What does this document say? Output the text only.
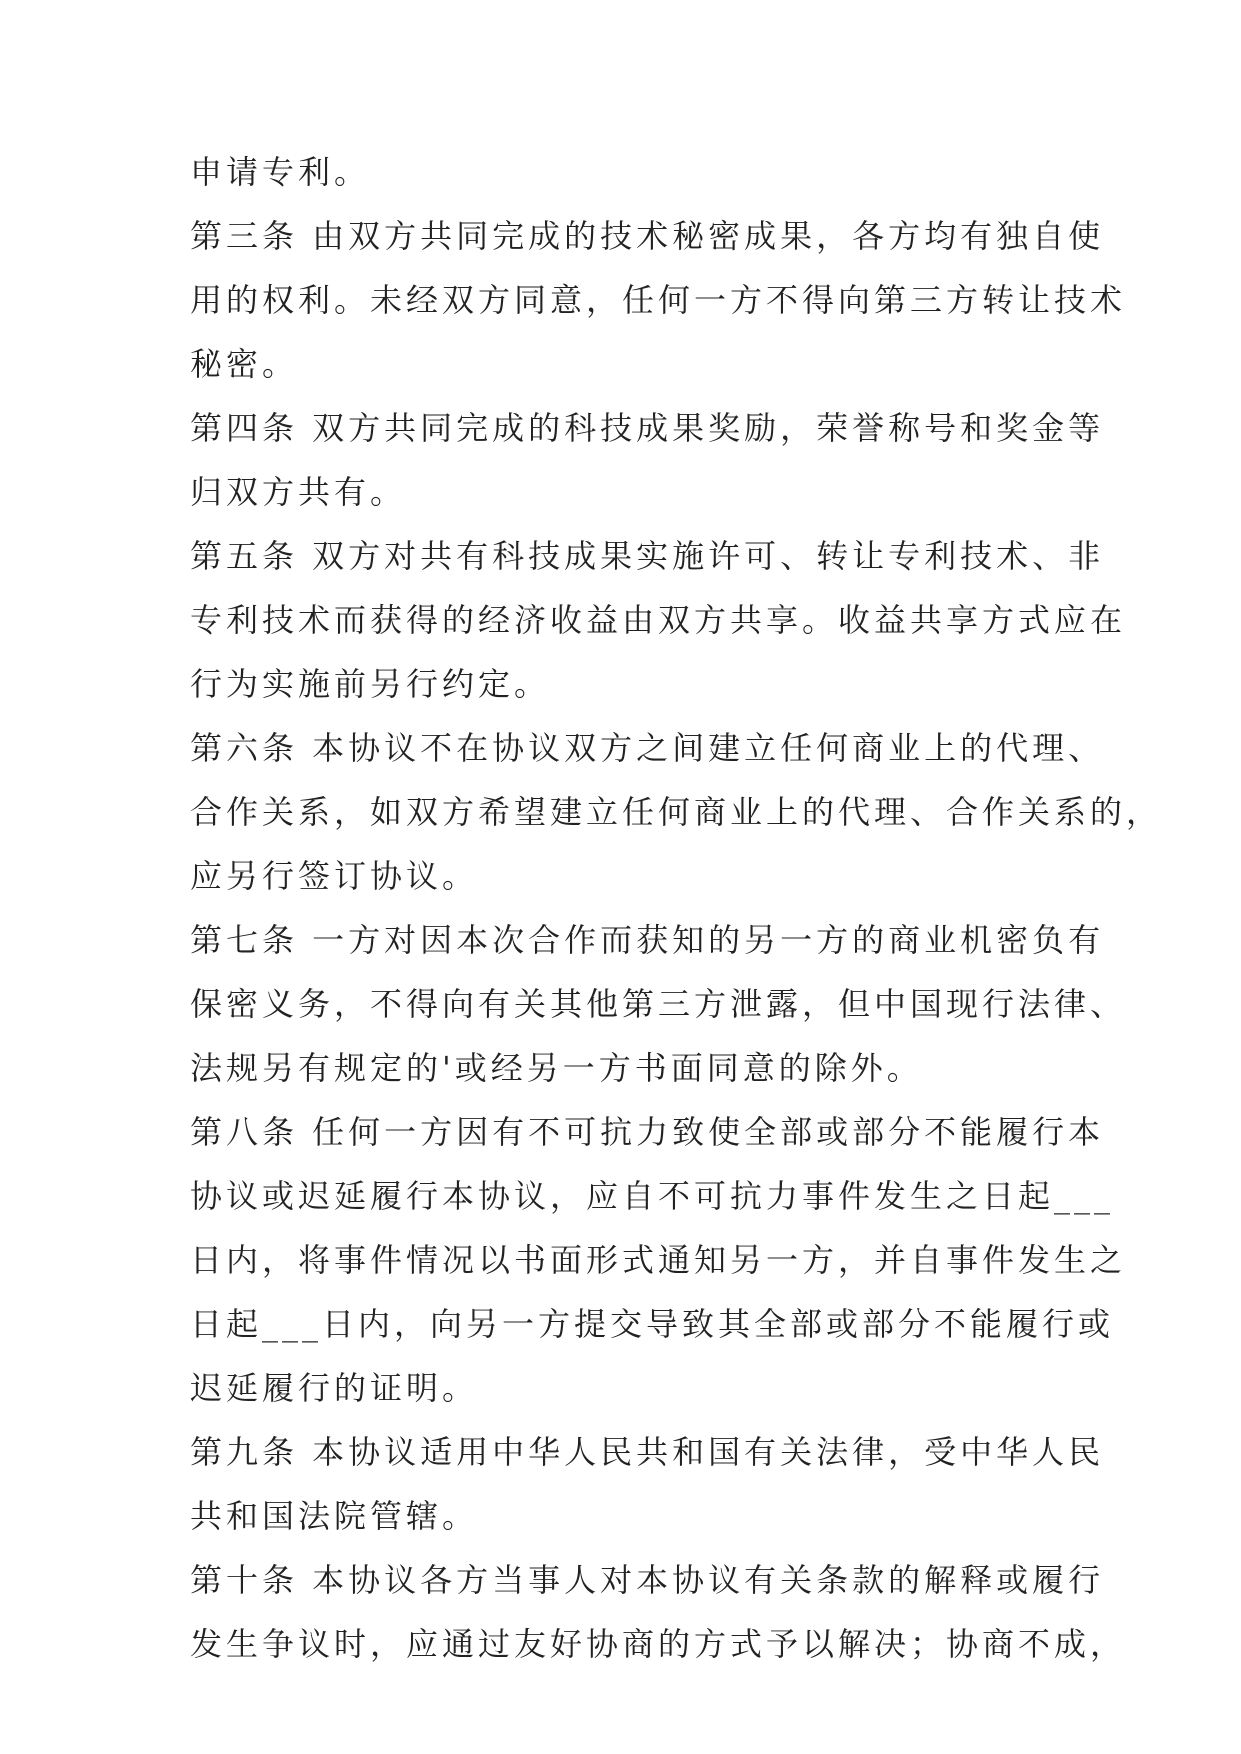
申请专利。
第三条 由双方共同完成的技术秘密成果，各方均有独自使
用的权利。未经双方同意，任何一方不得向第三方转让技术
秘密。
第四条 双方共同完成的科技成果奖励，荣誉称号和奖金等
归双方共有。
第五条 双方对共有科技成果实施许可、转让专利技术、非
专利技术而获得的经济收益由双方共享。收益共享方式应在
行为实施前另行约定。
第六条 本协议不在协议双方之间建立任何商业上的代理、
合作关系，如双方希望建立任何商业上的代理、合作关系的，
应另行签订协议。
第七条 一方对因本次合作而获知的另一方的商业机密负有
保密义务，不得向有关其他第三方泄露，但中国现行法律、
法规另有规定的'或经另一方书面同意的除外。
第八条 任何一方因有不可抗力致使全部或部分不能履行本
协议或迟延履行本协议，应自不可抗力事件发生之日起___
日内，将事件情况以书面形式通知另一方，并自事件发生之
日起___日内，向另一方提交导致其全部或部分不能履行或
迟延履行的证明。
第九条 本协议适用中华人民共和国有关法律，受中华人民
共和国法院管辖。
第十条 本协议各方当事人对本协议有关条款的解释或履行
发生争议时，应通过友好协商的方式予以解决；协商不成，
